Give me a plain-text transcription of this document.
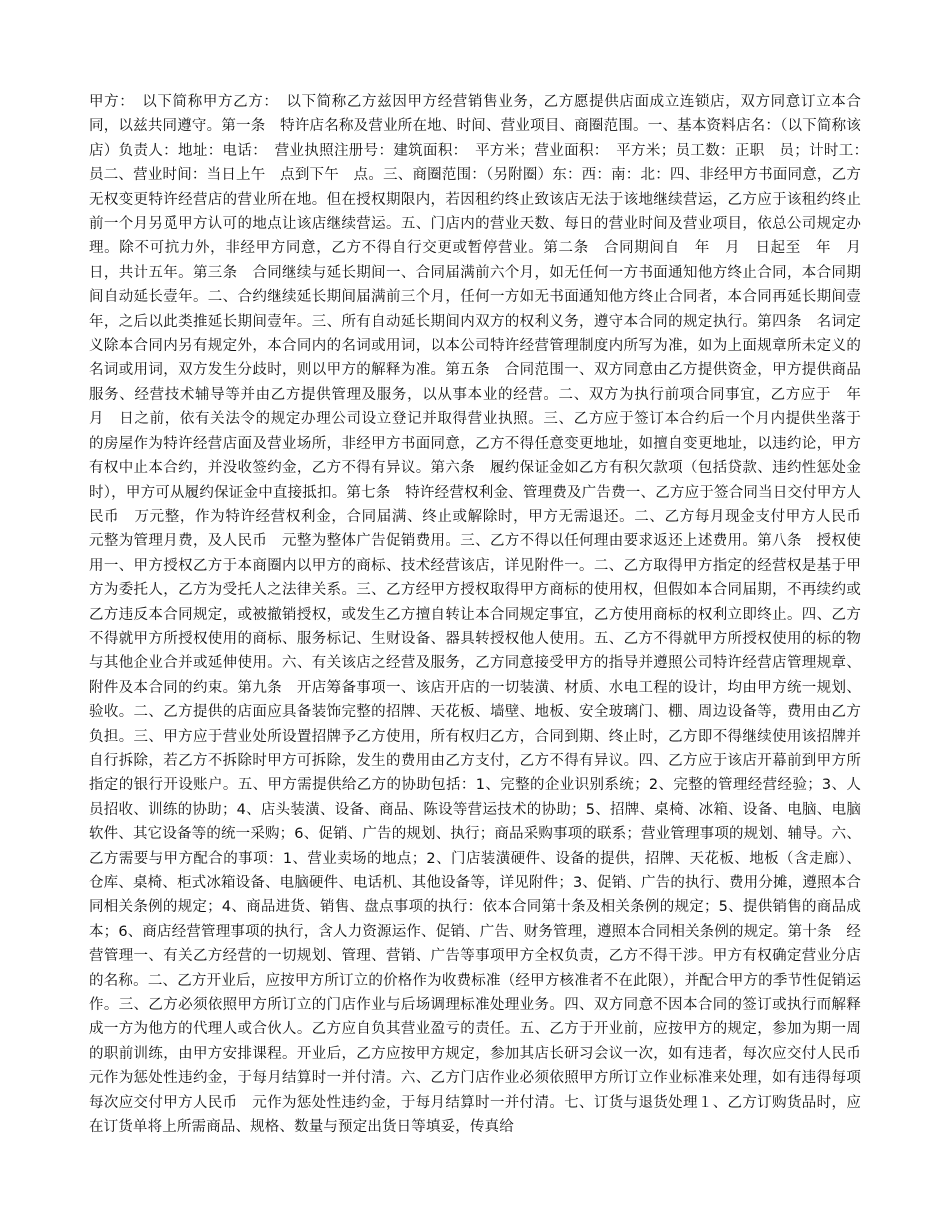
甲方：　以下简称甲方乙方：　以下简称乙方兹因甲方经营销售业务，乙方愿提供店面成立连锁店，双方同意订立本合同，以兹共同遵守。第一条　特许店名称及营业所在地、时间、营业项目、商圈范围。一、基本资料店名：（以下简称该店）负责人：地址：电话：　营业执照注册号：建筑面积：　平方米；营业面积：　平方米；员工数：正职　员；计时工：　员二、营业时间：当日上午　点到下午　点。三、商圈范围：（另附圈）东：西：南：北：四、非经甲方书面同意，乙方无权变更特许经营店的营业所在地。但在授权期限内，若因租约终止致该店无法于该地继续营运，乙方应于该租约终止前一个月另觅甲方认可的地点让该店继续营运。五、门店内的营业天数、每日的营业时间及营业项目，依总公司规定办理。除不可抗力外，非经甲方同意，乙方不得自行交更或暂停营业。第二条　合同期间自　年　月　日起至　年　月　日，共计五年。第三条　合同继续与延长期间一、合同届满前六个月，如无任何一方书面通知他方终止合同，本合同期间自动延长壹年。二、合约继续延长期间届满前三个月，任何一方如无书面通知他方终止合同者，本合同再延长期间壹年，之后以此类推延长期间壹年。三、所有自动延长期间内双方的权利义务，遵守本合同的规定执行。第四条　名词定义除本合同内另有规定外，本合同内的名词或用词，以本公司特许经营管理制度内所写为准，如为上面规章所未定义的名词或用词，双方发生分歧时，则以甲方的解释为准。第五条　合同范围一、双方同意由乙方提供资金，甲方提供商品服务、经营技术辅导等并由乙方提供管理及服务，以从事本业的经营。二、双方为执行前项合同事宜，乙方应于　年　月　日之前，依有关法令的规定办理公司设立登记并取得营业执照。三、乙方应于签订本合约后一个月内提供坐落于　的房屋作为特许经营店面及营业场所，非经甲方书面同意，乙方不得任意变更地址，如擅自变更地址，以违约论，甲方有权中止本合约，并没收签约金，乙方不得有异议。第六条　履约保证金如乙方有积欠款项（包括贷款、违约性惩处金时），甲方可从履约保证金中直接抵扣。第七条　特许经营权利金、管理费及广告费一、乙方应于签合同当日交付甲方人民币　万元整，作为特许经营权利金，合同届满、终止或解除时，甲方无需退还。二、乙方每月现金支付甲方人民币　元整为管理月费，及人民币　元整为整体广告促销费用。三、乙方不得以任何理由要求返还上述费用。第八条　授权使用一、甲方授权乙方于本商圈内以甲方的商标、技术经营该店，详见附件一。二、乙方取得甲方指定的经营权是基于甲方为委托人，乙方为受托人之法律关系。三、乙方经甲方授权取得甲方商标的使用权，但假如本合同届期，不再续约或乙方违反本合同规定，或被撤销授权，或发生乙方擅自转让本合同规定事宜，乙方使用商标的权利立即终止。四、乙方不得就甲方所授权使用的商标、服务标记、生财设备、器具转授权他人使用。五、乙方不得就甲方所授权使用的标的物与其他企业合并或延伸使用。六、有关该店之经营及服务，乙方同意接受甲方的指导并遵照公司特许经营店管理规章、附件及本合同的约束。第九条　开店筹备事项一、该店开店的一切装潢、材质、水电工程的设计，均由甲方统一规划、验收。二、乙方提供的店面应具备装饰完整的招牌、天花板、墙壁、地板、安全玻璃门、棚、周边设备等，费用由乙方负担。三、甲方应于营业处所设置招牌予乙方使用，所有权归乙方，合同到期、终止时，乙方即不得继续使用该招牌并自行拆除，若乙方不拆除时甲方可拆除，发生的费用由乙方支付，乙方不得有异议。四、乙方应于该店开幕前到甲方所指定的银行开设账户。五、甲方需提供给乙方的协助包括：1、完整的企业识别系统；2、完整的管理经营经验；3、人员招收、训练的协助；4、店头装潢、设备、商品、陈设等营运技术的协助；5、招牌、桌椅、冰箱、设备、电脑、电脑软件、其它设备等的统一采购；6、促销、广告的规划、执行；商品采购事项的联系；营业管理事项的规划、辅导。六、乙方需要与甲方配合的事项：1、营业卖场的地点；2、门店装潢硬件、设备的提供，招牌、天花板、地板（含走廊）、仓库、桌椅、柜式冰箱设备、电脑硬件、电话机、其他设备等，详见附件；3、促销、广告的执行、费用分摊，遵照本合同相关条例的规定；4、商品进货、销售、盘点事项的执行：依本合同第十条及相关条例的规定；5、提供销售的商品成本；6、商店经营管理事项的执行，含人力资源运作、促销、广告、财务管理，遵照本合同相关条例的规定。第十条　经营管理一、有关乙方经营的一切规划、管理、营销、广告等事项甲方全权负责，乙方不得干涉。甲方有权确定营业分店的名称。二、乙方开业后，应按甲方所订立的价格作为收费标准（经甲方核准者不在此限），并配合甲方的季节性促销运作。三、乙方必须依照甲方所订立的门店作业与后场调理标准处理业务。四、双方同意不因本合同的签订或执行而解释成一方为他方的代理人或合伙人。乙方应自负其营业盈亏的责任。五、乙方于开业前，应按甲方的规定，参加为期一周的职前训练，由甲方安排课程。开业后，乙方应按甲方规定，参加其店长研习会议一次，如有违者，每次应交付人民币　元作为惩处性违约金，于每月结算时一并付清。六、乙方门店作业必须依照甲方所订立作业标准来处理，如有违得每项每次应交付甲方人民币　元作为惩处性违约金，于每月结算时一并付清。七、订货与退货处理１、乙方订购货品时，应在订货单将上所需商品、规格、数量与预定出货日等填妥，传真给
